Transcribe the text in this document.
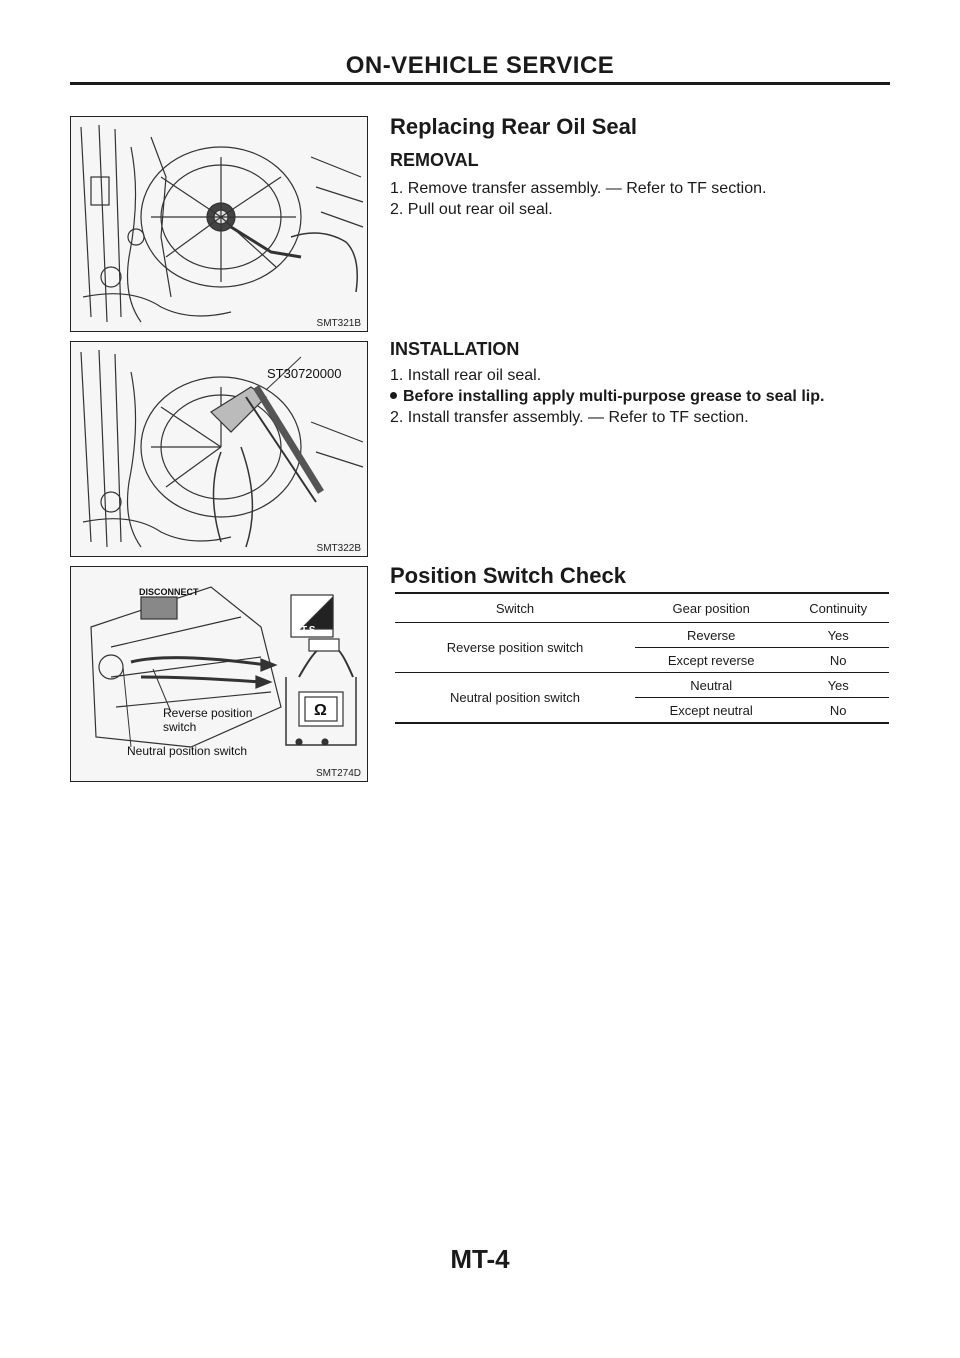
ON-VEHICLE SERVICE
SMT321B
ST30720000
SMT322B
DISCONNECT
T.S.
Ω
Reverse position
switch
Neutral position switch
SMT274D
Replacing Rear Oil Seal
REMOVAL
1. Remove transfer assembly. — Refer to TF section.
2. Pull out rear oil seal.
INSTALLATION
1. Install rear oil seal.
Before installing apply multi-purpose grease to seal lip.
2. Install transfer assembly. — Refer to TF section.
Position Switch Check
Switch	Gear position	Continuity
Reverse position switch	Reverse	Yes
	Except reverse	No
Neutral position switch	Neutral	Yes
	Except neutral	No
MT-4
